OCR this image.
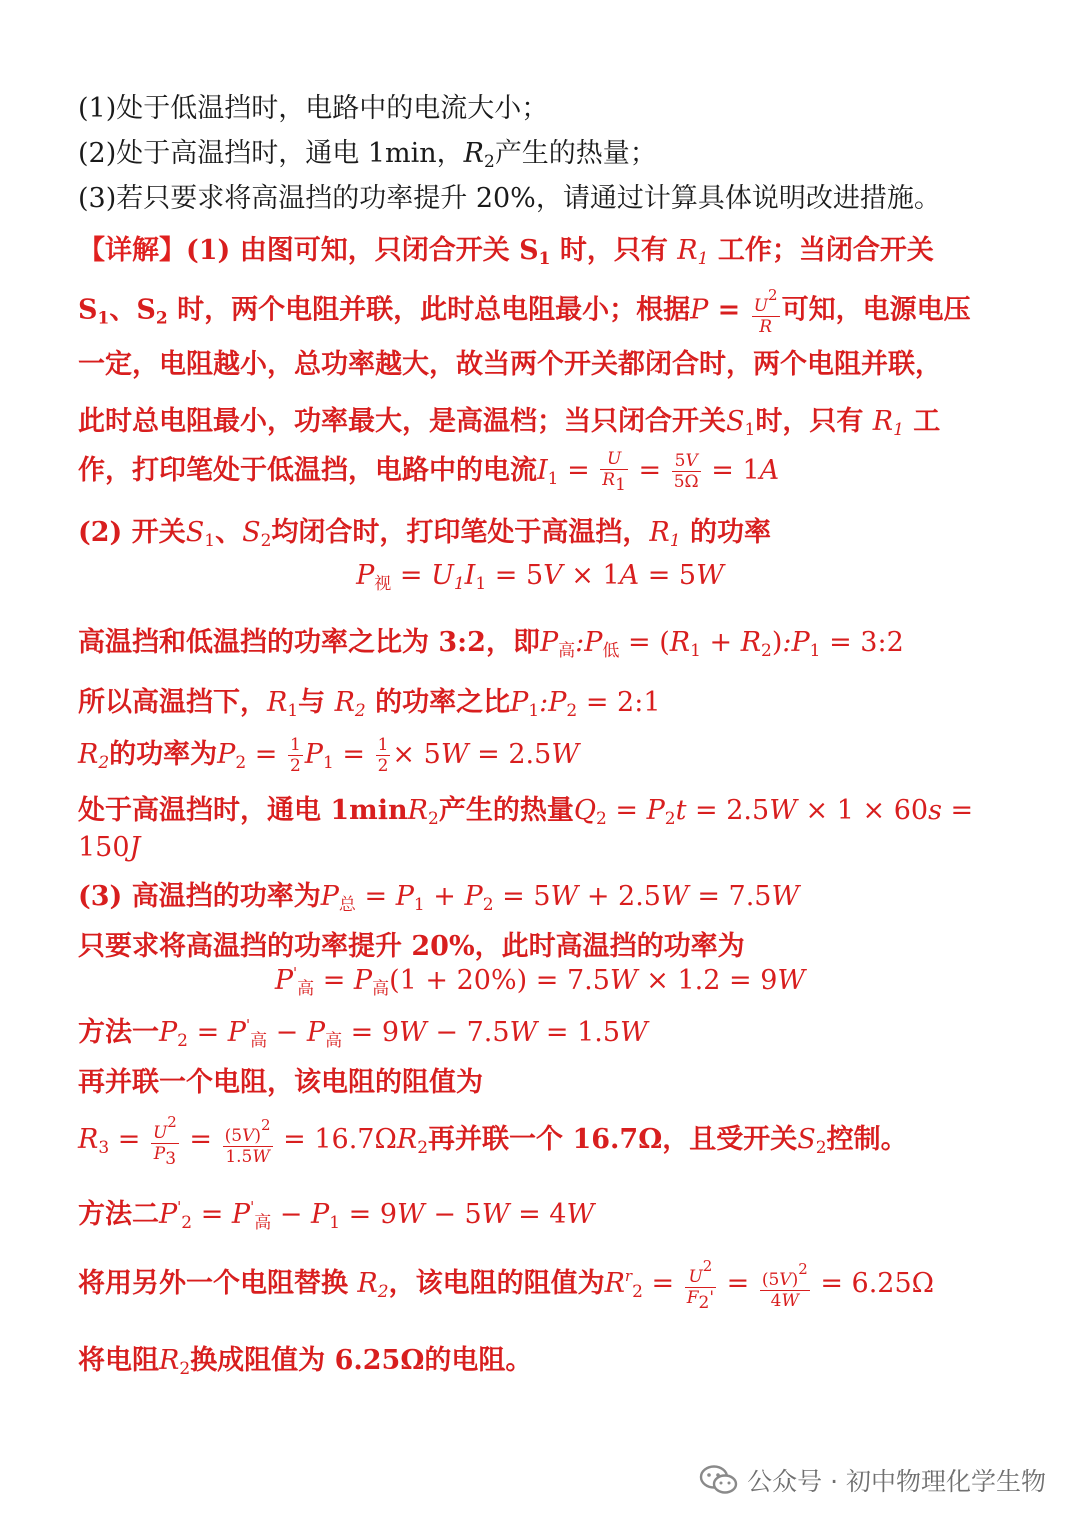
(1)处于低温挡时，电路中的电流大小；
(2)处于高温挡时，通电 1min，$R_2$产生的热量；
(3)若只要求将高温挡的功率提升 20%，请通过计算具体说明改进措施。
【详解】(1) 由图可知，只闭合开关 $S_1$ 时，只有 $R_1$ 工作；当闭合开关
$S_1$、$S_2$ 时，两个电阻并联，此时总电阻最小；根据$P = \frac{U^2}{R}$ 可知，电源电压
一定，电阻越小，总功率越大，故当两个开关都闭合时，两个电阻并联，
此时总电阻最小，功率最大，是高温档；当只闭合开关$S_1$时，只有 $R_1$ 工
作，打印笔处于低温挡，电路中的电流$I_1 = \frac{U}{R_1} = \frac{5V}{5\Omega} = 1A$
(2) 开关$S_1$、$S_2$均闭合时，打印笔处于高温挡，$R_1$ 的功率
$P_视 = U_1I_1 = 5V \times 1A = 5W$
高温挡和低温挡的功率之比为 3:2，即$P_高:P_低 = (R_1$ + $R_2):P_1$ = 3:2
所以高温挡下，$R_1$与 $R_2$ 的功率之比$P_1:P_2$ = 2:1
$R_2$的功率为$P_2 = \frac{1}{2} P_1 = \frac{1}{2} \times 5W = 2.5W$
处于高温挡时，通电 1minR$_2$产生的热量$Q_2 = P_2t = 2.5W \times 1 \times 60s$ =
150J
(3) 高温挡的功率为$P_总 = P_1 + P_2 = 5W + 2.5W = 7.5W$
只要求将高温挡的功率提升 20%，此时高温挡的功率为
$P'_高 = P_高(1 + 20\%) = 7.5W \times 1.2 = 9W$
方法一$P_2 = P'_高 - P_高 = 9W - 7.5W = 1.5W$
再并联一个电阻，该电阻的阻值为
$R_3 = \frac{U^2}{P_3} = \frac{(5V)^2}{1.5W} = 16.7\Omega R_2$再并联一个 16.7Ω，且受开关$S_2$控制。
方法二$P'_2 = P'_高 - P_1 = 9W - 5W = 4W$
将用另外一个电阻替换 $R_2$，该电阻的阻值为$R^r_2 = \frac{U^2}{F_2'} = \frac{(5V)^2}{4W} = 6.25\Omega$
将电阻$R_2$换成阻值为 6.25Ω的电阻。
公众号 · 初中物理化学生物
